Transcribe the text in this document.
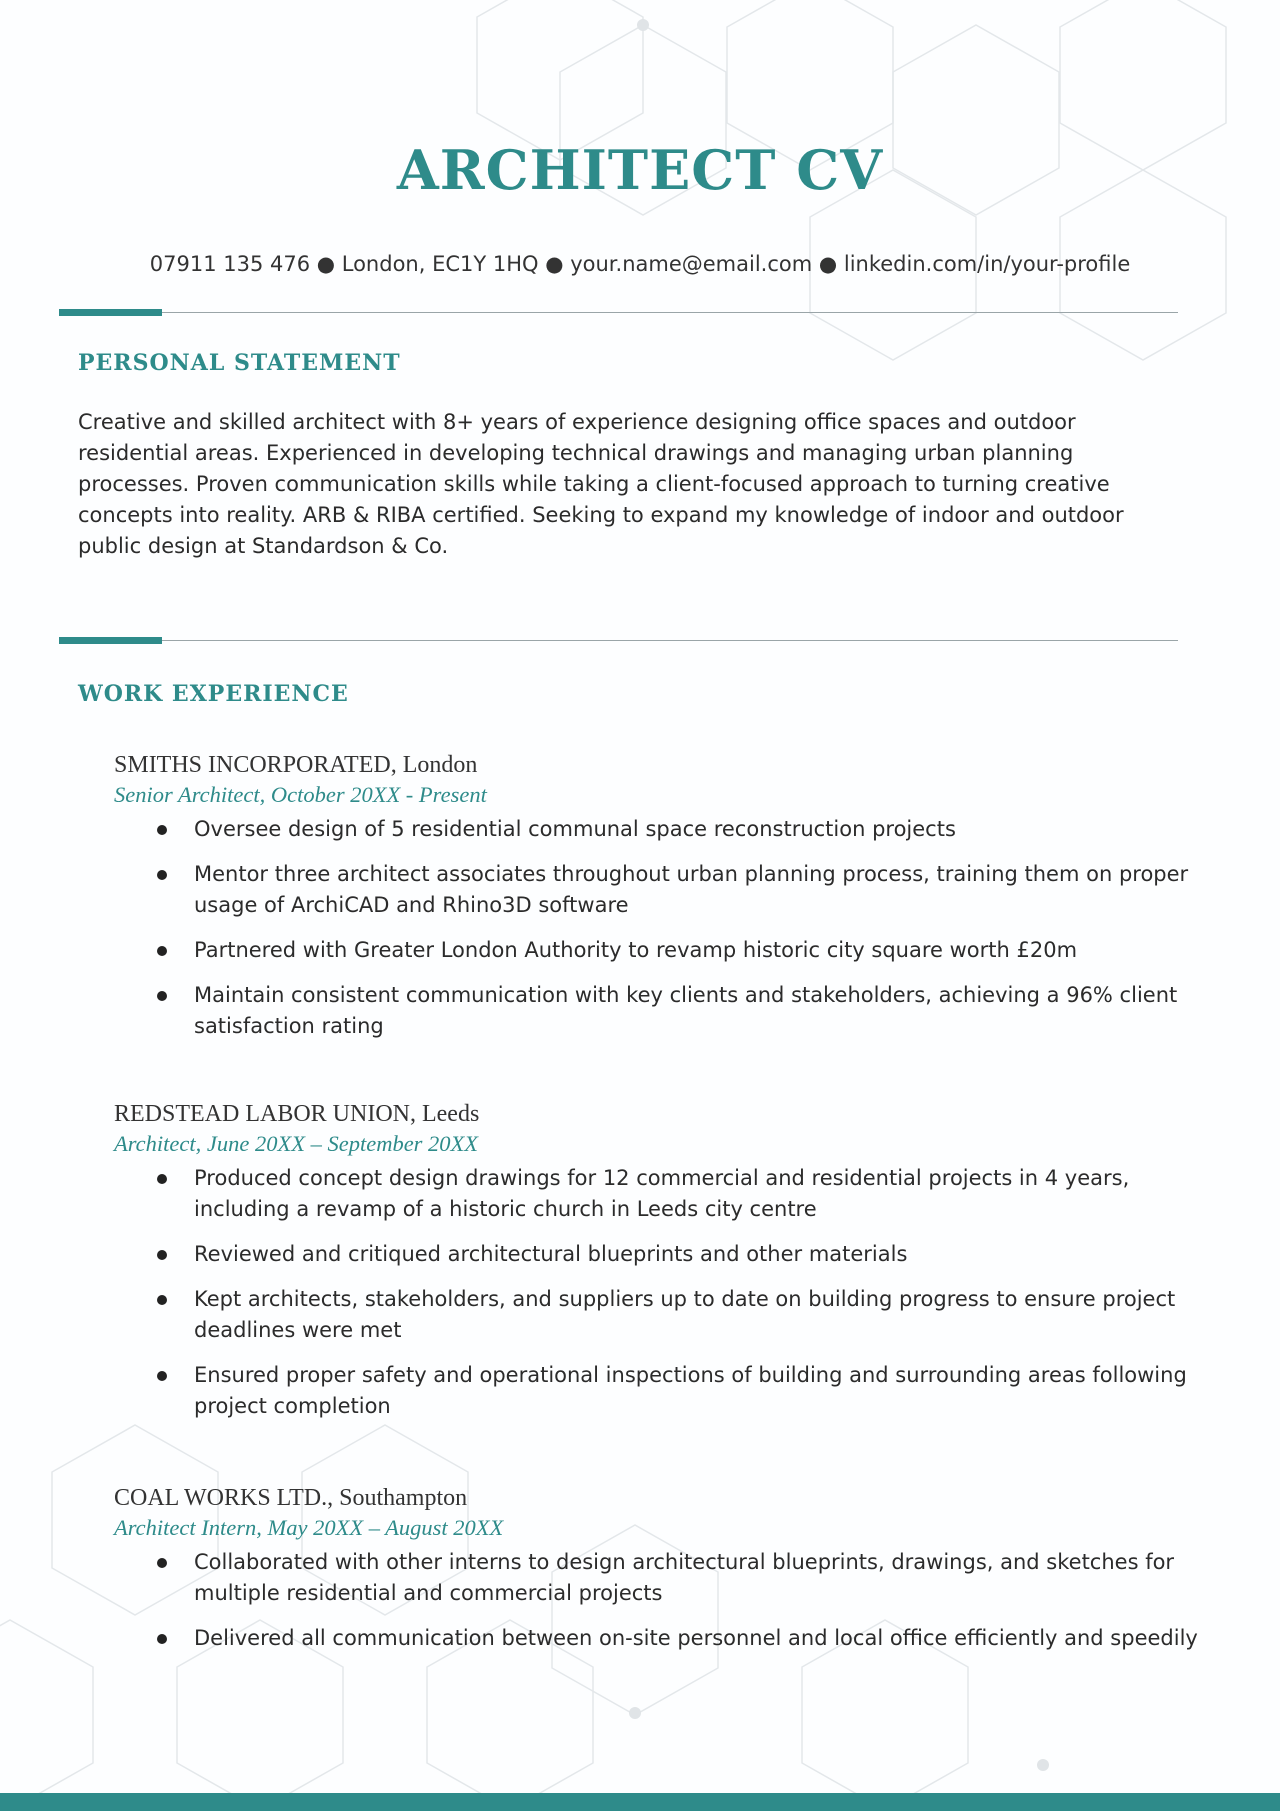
ARCHITECT CV
07911 135 476 ● London, EC1Y 1HQ ● your.name@email.com ● linkedin.com/in/your-profile
PERSONAL STATEMENT

Creative and skilled architect with 8+ years of experience designing office spaces and outdoor residential areas. Experienced in developing technical drawings and managing urban planning processes. Proven communication skills while taking a client-focused approach to turning creative concepts into reality. ARB & RIBA certified. Seeking to expand my knowledge of indoor and outdoor public design at Standardson & Co.

WORK EXPERIENCE

SMITHS INCORPORATED, London

Senior Architect, October 20XX - Present

Oversee design of 5 residential communal space reconstruction projects
Mentor three architect associates throughout urban planning process, training them on proper usage of ArchiCAD and Rhino3D software
Partnered with Greater London Authority to revamp historic city square worth £20m
Maintain consistent communication with key clients and stakeholders, achieving a 96% client satisfaction rating

REDSTEAD LABOR UNION, Leeds

Architect, June 20XX – September 20XX

Produced concept design drawings for 12 commercial and residential projects in 4 years, including a revamp of a historic church in Leeds city centre
Reviewed and critiqued architectural blueprints and other materials
Kept architects, stakeholders, and suppliers up to date on building progress to ensure project deadlines were met
Ensured proper safety and operational inspections of building and surrounding areas following project completion

COAL WORKS LTD., Southampton

Architect Intern, May 20XX – August 20XX

Collaborated with other interns to design architectural blueprints, drawings, and sketches for multiple residential and commercial projects
Delivered all communication between on-site personnel and local office efficiently and speedily
